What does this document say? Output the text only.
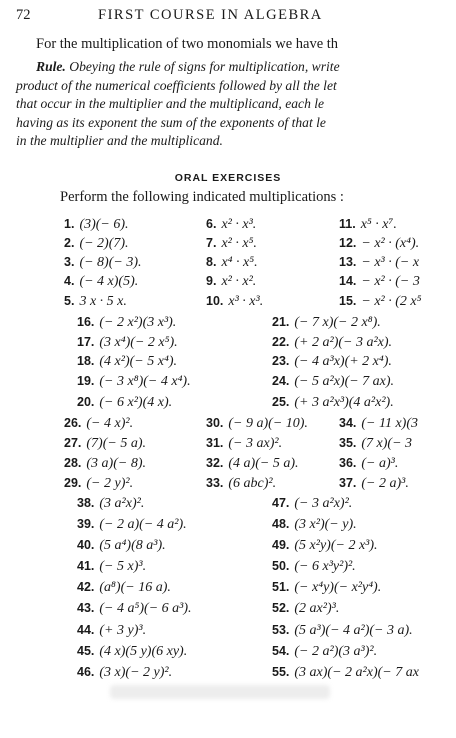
72	FIRST COURSE IN ALGEBRA
For the multiplication of two monomials we have th
Rule. Obeying the rule of signs for multiplication, write
product of the numerical coefficients followed by all the let
that occur in the multiplier and the multiplicand, each le
having as its exponent the sum of the exponents of that le
in the multiplier and the multiplicand.
ORAL EXERCISES
Perform the following indicated multiplications :
1. (3)(− 6).
2. (− 2)(7).
3. (− 8)(− 3).
4. (− 4 x)(5).
5. 3 x · 5 x.
6. x² · x³.
7. x² · x⁵.
8. x⁴ · x⁵.
9. x² · x².
10. x³ · x³.
11. x⁵ · x⁷.
12. − x² · (x⁴).
13. − x³ · (− x
14. − x² · (− 3
15. − x² · (2 x⁵
16. (− 2 x²)(3 x³).
17. (3 x⁴)(− 2 x⁵).
18. (4 x²)(− 5 x⁴).
19. (− 3 x⁸)(− 4 x⁴).
20. (− 6 x²)(4 x).
21. (− 7 x)(− 2 x⁸).
22. (+ 2 a²)(− 3 a²x).
23. (− 4 a³x)(+ 2 x⁴).
24. (− 5 a²x)(− 7 ax).
25. (+ 3 a²x³)(4 a²x²).
26. (− 4 x)².
27. (7)(− 5 a).
28. (3 a)(− 8).
29. (− 2 y)².
30. (− 9 a)(− 10).
31. (− 3 ax)².
32. (4 a)(− 5 a).
33. (6 abc)².
34. (− 11 x)(3
35. (7 x)(− 3
36. (− a)³.
37. (− 2 a)³.
38. (3 a²x)².
39. (− 2 a)(− 4 a²).
40. (5 a⁴)(8 a³).
41. (− 5 x)³.
42. (a⁸)(− 16 a).
43. (− 4 a⁵)(− 6 a³).
44. (+ 3 y)³.
45. (4 x)(5 y)(6 xy).
46. (3 x)(− 2 y)².
47. (− 3 a²x)².
48. (3 x²)(− y).
49. (5 x²y)(− 2 x³).
50. (− 6 x³y²)².
51. (− x⁴y)(− x²y⁴).
52. (2 ax²)³.
53. (5 a³)(− 4 a²)(− 3 a).
54. (− 2 a²)(3 a³)².
55. (3 ax)(− 2 a²x)(− 7 ax
